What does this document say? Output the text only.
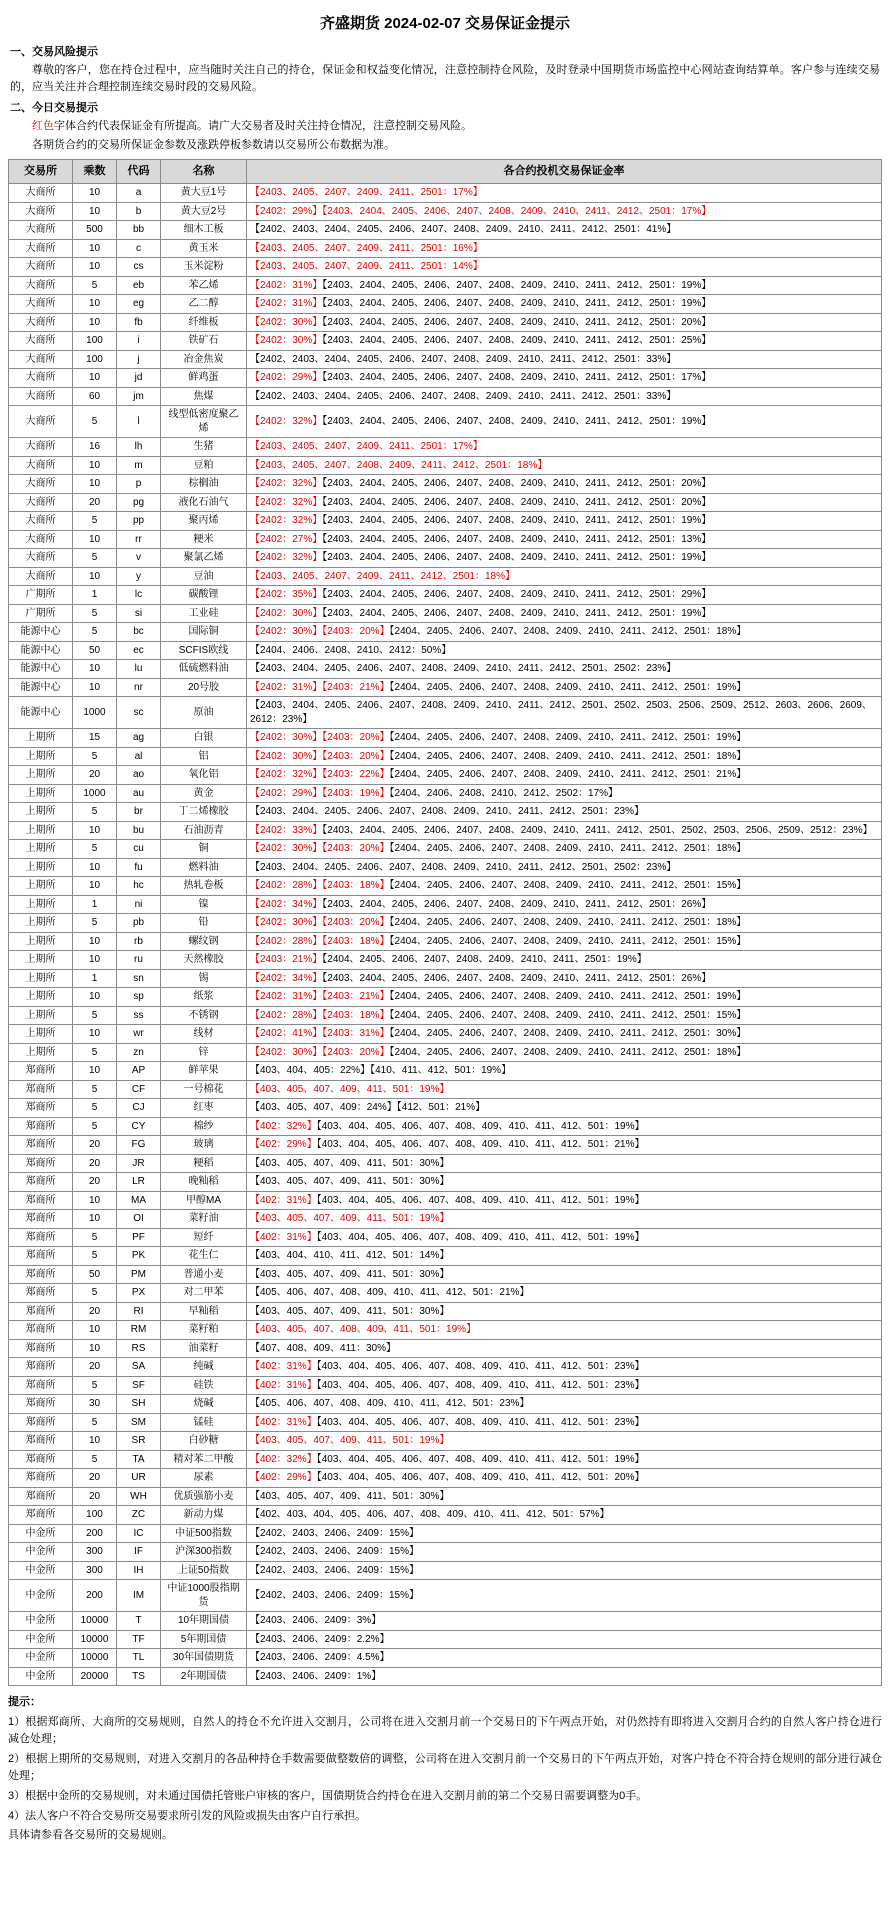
齐盛期货 2024-02-07 交易保证金提示
一、交易风险提示
尊敬的客户，您在持仓过程中，应当随时关注自己的持仓，保证金和权益变化情况，注意控制持仓风险，及时登录中国期货市场监控中心网站查询结算单。客户参与连续交易的，应当关注并合理控制连续交易时段的交易风险。
二、今日交易提示
红色字体合约代表保证金有所提高。请广大交易者及时关注持仓情况，注意控制交易风险。
各期货合约的交易所保证金参数及涨跌停板参数请以交易所公布数据为准。
交易所	乘数	代码	名称	各合约投机交易保证金率
大商所	10	a	黄大豆1号	【2403、2405、2407、2409、2411、2501：17%】
大商所	10	b	黄大豆2号	【2402：29%】【2403、2404、2405、2406、2407、2408、2409、2410、2411、2412、2501：17%】
大商所	500	bb	细木工板	【2402、2403、2404、2405、2406、2407、2408、2409、2410、2411、2412、2501：41%】
大商所	10	c	黄玉米	【2403、2405、2407、2409、2411、2501：16%】
大商所	10	cs	玉米淀粉	【2403、2405、2407、2409、2411、2501：14%】
大商所	5	eb	苯乙烯	【2402：31%】【2403、2404、2405、2406、2407、2408、2409、2410、2411、2412、2501：19%】
大商所	10	eg	乙二醇	【2402：31%】【2403、2404、2405、2406、2407、2408、2409、2410、2411、2412、2501：19%】
大商所	10	fb	纤维板	【2402：30%】【2403、2404、2405、2406、2407、2408、2409、2410、2411、2412、2501：20%】
大商所	100	i	铁矿石	【2402：30%】【2403、2404、2405、2406、2407、2408、2409、2410、2411、2412、2501：25%】
大商所	100	j	冶金焦炭	【2402、2403、2404、2405、2406、2407、2408、2409、2410、2411、2412、2501：33%】
大商所	10	jd	鲜鸡蛋	【2402：29%】【2403、2404、2405、2406、2407、2408、2409、2410、2411、2412、2501：17%】
大商所	60	jm	焦煤	【2402、2403、2404、2405、2406、2407、2408、2409、2410、2411、2412、2501：33%】
大商所	5	l	线型低密度聚乙烯	【2402：32%】【2403、2404、2405、2406、2407、2408、2409、2410、2411、2412、2501：19%】
大商所	16	lh	生猪	【2403、2405、2407、2409、2411、2501：17%】
大商所	10	m	豆粕	【2403、2405、2407、2408、2409、2411、2412、2501：18%】
大商所	10	p	棕榈油	【2402：32%】【2403、2404、2405、2406、2407、2408、2409、2410、2411、2412、2501：20%】
大商所	20	pg	液化石油气	【2402：32%】【2403、2404、2405、2406、2407、2408、2409、2410、2411、2412、2501：20%】
大商所	5	pp	聚丙烯	【2402：32%】【2403、2404、2405、2406、2407、2408、2409、2410、2411、2412、2501：19%】
大商所	10	rr	粳米	【2402：27%】【2403、2404、2405、2406、2407、2408、2409、2410、2411、2412、2501：13%】
大商所	5	v	聚氯乙烯	【2402：32%】【2403、2404、2405、2406、2407、2408、2409、2410、2411、2412、2501：19%】
大商所	10	y	豆油	【2403、2405、2407、2409、2411、2412、2501：18%】
广期所	1	lc	碳酸锂	【2402：35%】【2403、2404、2405、2406、2407、2408、2409、2410、2411、2412、2501：29%】
广期所	5	si	工业硅	【2402：30%】【2403、2404、2405、2406、2407、2408、2409、2410、2411、2412、2501：19%】
能源中心	5	bc	国际铜	【2402：30%】【2403：20%】【2404、2405、2406、2407、2408、2409、2410、2411、2412、2501：18%】
能源中心	50	ec	SCFIS欧线	【2404、2406、2408、2410、2412：50%】
能源中心	10	lu	低硫燃料油	【2403、2404、2405、2406、2407、2408、2409、2410、2411、2412、2501、2502：23%】
能源中心	10	nr	20号胶	【2402：31%】【2403：21%】【2404、2405、2406、2407、2408、2409、2410、2411、2412、2501：19%】
能源中心	1000	sc	原油	【2403、2404、2405、2406、2407、2408、2409、2410、2411、2412、2501、2502、2503、2506、2509、2512、2603、2606、2609、2612：23%】
上期所	15	ag	白银	【2402：30%】【2403：20%】【2404、2405、2406、2407、2408、2409、2410、2411、2412、2501：19%】
上期所	5	al	铝	【2402：30%】【2403：20%】【2404、2405、2406、2407、2408、2409、2410、2411、2412、2501：18%】
上期所	20	ao	氧化铝	【2402：32%】【2403：22%】【2404、2405、2406、2407、2408、2409、2410、2411、2412、2501：21%】
上期所	1000	au	黄金	【2402：29%】【2403：19%】【2404、2406、2408、2410、2412、2502：17%】
上期所	5	br	丁二烯橡胶	【2403、2404、2405、2406、2407、2408、2409、2410、2411、2412、2501：23%】
上期所	10	bu	石油沥青	【2402：33%】【2403、2404、2405、2406、2407、2408、2409、2410、2411、2412、2501、2502、2503、2506、2509、2512：23%】
上期所	5	cu	铜	【2402：30%】【2403：20%】【2404、2405、2406、2407、2408、2409、2410、2411、2412、2501：18%】
上期所	10	fu	燃料油	【2403、2404、2405、2406、2407、2408、2409、2410、2411、2412、2501、2502：23%】
上期所	10	hc	热轧卷板	【2402：28%】【2403：18%】【2404、2405、2406、2407、2408、2409、2410、2411、2412、2501：15%】
上期所	1	ni	镍	【2402：34%】【2403、2404、2405、2406、2407、2408、2409、2410、2411、2412、2501：26%】
上期所	5	pb	铅	【2402：30%】【2403：20%】【2404、2405、2406、2407、2408、2409、2410、2411、2412、2501：18%】
上期所	10	rb	螺纹钢	【2402：28%】【2403：18%】【2404、2405、2406、2407、2408、2409、2410、2411、2412、2501：15%】
上期所	10	ru	天然橡胶	【2403：21%】【2404、2405、2406、2407、2408、2409、2410、2411、2501：19%】
上期所	1	sn	锡	【2402：34%】【2403、2404、2405、2406、2407、2408、2409、2410、2411、2412、2501：26%】
上期所	10	sp	纸浆	【2402：31%】【2403：21%】【2404、2405、2406、2407、2408、2409、2410、2411、2412、2501：19%】
上期所	5	ss	不锈钢	【2402：28%】【2403：18%】【2404、2405、2406、2407、2408、2409、2410、2411、2412、2501：15%】
上期所	10	wr	线材	【2402：41%】【2403：31%】【2404、2405、2406、2407、2408、2409、2410、2411、2412、2501：30%】
上期所	5	zn	锌	【2402：30%】【2403：20%】【2404、2405、2406、2407、2408、2409、2410、2411、2412、2501：18%】
郑商所	10	AP	鲜苹果	【403、404、405：22%】【410、411、412、501：19%】
郑商所	5	CF	一号棉花	【403、405、407、409、411、501：19%】
郑商所	5	CJ	红枣	【403、405、407、409：24%】【412、501：21%】
郑商所	5	CY	棉纱	【402：32%】【403、404、405、406、407、408、409、410、411、412、501：19%】
郑商所	20	FG	玻璃	【402：29%】【403、404、405、406、407、408、409、410、411、412、501：21%】
郑商所	20	JR	粳稻	【403、405、407、409、411、501：30%】
郑商所	20	LR	晚籼稻	【403、405、407、409、411、501：30%】
郑商所	10	MA	甲醇MA	【402：31%】【403、404、405、406、407、408、409、410、411、412、501：19%】
郑商所	10	OI	菜籽油	【403、405、407、409、411、501：19%】
郑商所	5	PF	短纤	【402：31%】【403、404、405、406、407、408、409、410、411、412、501：19%】
郑商所	5	PK	花生仁	【403、404、410、411、412、501：14%】
郑商所	50	PM	普通小麦	【403、405、407、409、411、501：30%】
郑商所	5	PX	对二甲苯	【405、406、407、408、409、410、411、412、501：21%】
郑商所	20	RI	早籼稻	【403、405、407、409、411、501：30%】
郑商所	10	RM	菜籽粕	【403、405、407、408、409、411、501：19%】
郑商所	10	RS	油菜籽	【407、408、409、411：30%】
郑商所	20	SA	纯碱	【402：31%】【403、404、405、406、407、408、409、410、411、412、501：23%】
郑商所	5	SF	硅铁	【402：31%】【403、404、405、406、407、408、409、410、411、412、501：23%】
郑商所	30	SH	烧碱	【405、406、407、408、409、410、411、412、501：23%】
郑商所	5	SM	锰硅	【402：31%】【403、404、405、406、407、408、409、410、411、412、501：23%】
郑商所	10	SR	白砂糖	【403、405、407、409、411、501：19%】
郑商所	5	TA	精对苯二甲酸	【402：32%】【403、404、405、406、407、408、409、410、411、412、501：19%】
郑商所	20	UR	尿素	【402：29%】【403、404、405、406、407、408、409、410、411、412、501：20%】
郑商所	20	WH	优质强筋小麦	【403、405、407、409、411、501：30%】
郑商所	100	ZC	新动力煤	【402、403、404、405、406、407、408、409、410、411、412、501：57%】
中金所	200	IC	中证500指数	【2402、2403、2406、2409：15%】
中金所	300	IF	沪深300指数	【2402、2403、2406、2409：15%】
中金所	300	IH	上证50指数	【2402、2403、2406、2409：15%】
中金所	200	IM	中证1000股指期货	【2402、2403、2406、2409：15%】
中金所	10000	T	10年期国债	【2403、2406、2409：3%】
中金所	10000	TF	5年期国债	【2403、2406、2409：2.2%】
中金所	10000	TL	30年国债期货	【2403、2406、2409：4.5%】
中金所	20000	TS	2年期国债	【2403、2406、2409：1%】
提示：

1）根据郑商所、大商所的交易规则，自然人的持仓不允许进入交割月，公司将在进入交割月前一个交易日的下午两点开始，对仍然持有即将进入交割月合约的自然人客户持仓进行减仓处理；

2）根据上期所的交易规则，对进入交割月的各品种持仓手数需要做整数倍的调整，公司将在进入交割月前一个交易日的下午两点开始，对客户持仓不符合持仓规则的部分进行减仓处理；

3）根据中金所的交易规则，对未通过国债托管账户审核的客户，国债期货合约持仓在进入交割月前的第二个交易日需要调整为0手。

4）法人客户不符合交易所交易要求所引发的风险或损失由客户自行承担。

具体请参看各交易所的交易规则。
